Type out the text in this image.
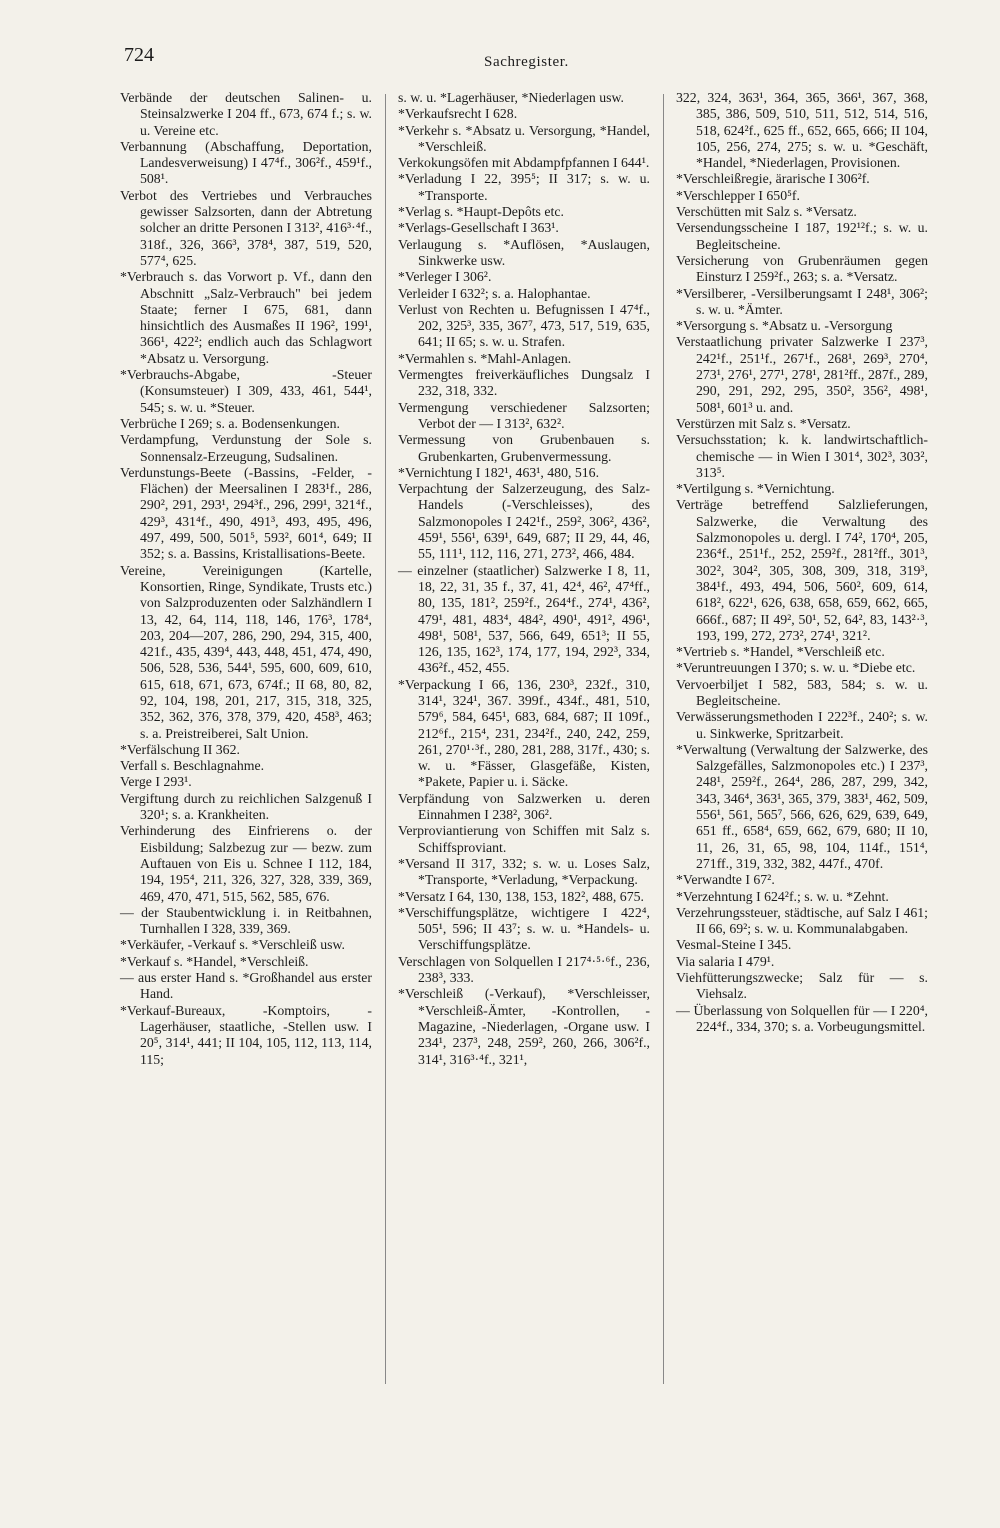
724	Sachregister.

Verbände der deutschen Salinen- u. Steinsalzwerke I 204 ff., 673, 674 f.; s. w. u. Vereine etc.

Verbannung (Abschaffung, Deportation, Landesverweisung) I 47⁴f., 306²f., 459¹f., 508¹.

Verbot des Vertriebes und Verbrauches gewisser Salzsorten, dann der Abtretung solcher an dritte Personen I 313², 416³·⁴f., 318f., 326, 366³, 378⁴, 387, 519, 520, 577⁴, 625.

*Verbrauch s. das Vorwort p. Vf., dann den Abschnitt „Salz-Verbrauch" bei jedem Staate; ferner I 675, 681, dann hinsichtlich des Ausmaßes II 196², 199¹, 366¹, 422²; endlich auch das Schlagwort *Absatz u. Versorgung.

*Verbrauchs-Abgabe, -Steuer (Konsumsteuer) I 309, 433, 461, 544¹, 545; s. w. u. *Steuer.

Verbrüche I 269; s. a. Bodensenkungen.

Verdampfung, Verdunstung der Sole s. Sonnensalz-Erzeugung, Sudsalinen.

Verdunstungs-Beete (-Bassins, -Felder, -Flächen) der Meersalinen I 283¹f., 286, 290², 291, 293¹, 294³f., 296, 299¹, 321⁴f., 429³, 431⁴f., 490, 491³, 493, 495, 496, 497, 499, 500, 501⁵, 593², 601⁴, 649; II 352; s. a. Bassins, Kristallisations-Beete.

Vereine, Vereinigungen (Kartelle, Konsortien, Ringe, Syndikate, Trusts etc.) von Salzproduzenten oder Salzhändlern I 13, 42, 64, 114, 118, 146, 176³, 178⁴, 203, 204—207, 286, 290, 294, 315, 400, 421f., 435, 439⁴, 443, 448, 451, 474, 490, 506, 528, 536, 544¹, 595, 600, 609, 610, 615, 618, 671, 673, 674f.; II 68, 80, 82, 92, 104, 198, 201, 217, 315, 318, 325, 352, 362, 376, 378, 379, 420, 458³, 463; s. a. Preistreiberei, Salt Union.

*Verfälschung II 362.

Verfall s. Beschlagnahme.

Verge I 293¹.

Vergiftung durch zu reichlichen Salzgenuß I 320¹; s. a. Krankheiten.

Verhinderung des Einfrierens o. der Eisbildung; Salzbezug zur — bezw. zum Auftauen von Eis u. Schnee I 112, 184, 194, 195⁴, 211, 326, 327, 328, 339, 369, 469, 470, 471, 515, 562, 585, 676.

— der Staubentwicklung i. in Reitbahnen, Turnhallen I 328, 339, 369.

*Verkäufer, -Verkauf s. *Verschleiß usw.

*Verkauf s. *Handel, *Verschleiß.

— aus erster Hand s. *Großhandel aus erster Hand.

*Verkauf-Bureaux, -Komptoirs, -Lagerhäuser, staatliche, -Stellen usw. I 20⁵, 314¹, 441; II 104, 105, 112, 113, 114, 115;

s. w. u. *Lagerhäuser, *Niederlagen usw.

*Verkaufsrecht I 628.

*Verkehr s. *Absatz u. Versorgung, *Handel, *Verschleiß.

Verkokungsöfen mit Abdampfpfannen I 644¹.

*Verladung I 22, 395⁵; II 317; s. w. u. *Transporte.

*Verlag s. *Haupt-Depôts etc.

*Verlags-Gesellschaft I 363¹.

Verlaugung s. *Auflösen, *Auslaugen, Sinkwerke usw.

*Verleger I 306².

Verleider I 632²; s. a. Halophantae.

Verlust von Rechten u. Befugnissen I 47⁴f., 202, 325³, 335, 367⁷, 473, 517, 519, 635, 641; II 65; s. w. u. Strafen.

*Vermahlen s. *Mahl-Anlagen.

Vermengtes freiverkäufliches Dungsalz I 232, 318, 332.

Vermengung verschiedener Salzsorten; Verbot der — I 313², 632².

Vermessung von Grubenbauen s. Grubenkarten, Grubenvermessung.

*Vernichtung I 182¹, 463¹, 480, 516.

Verpachtung der Salzerzeugung, des Salz-Handels (-Verschleisses), des Salzmonopoles I 242¹f., 259², 306², 436², 459¹, 556¹, 639¹, 649, 687; II 29, 44, 46, 55, 111¹, 112, 116, 271, 273², 466, 484.

— einzelner (staatlicher) Salzwerke I 8, 11, 18, 22, 31, 35 f., 37, 41, 42⁴, 46², 47⁴ff., 80, 135, 181², 259²f., 264⁴f., 274¹, 436², 479¹, 481, 483⁴, 484², 490¹, 491², 496¹, 498¹, 508¹, 537, 566, 649, 651³; II 55, 126, 135, 162³, 174, 177, 194, 292³, 334, 436²f., 452, 455.

*Verpackung I 66, 136, 230³, 232f., 310, 314¹, 324¹, 367. 399f., 434f., 481, 510, 579⁶, 584, 645¹, 683, 684, 687; II 109f., 212⁶f., 215⁴, 231, 234²f., 240, 242, 259, 261, 270¹·³f., 280, 281, 288, 317f., 430; s. w. u. *Fässer, Glasgefäße, Kisten, *Pakete, Papier u. i. Säcke.

Verpfändung von Salzwerken u. deren Einnahmen I 238², 306².

Verproviantierung von Schiffen mit Salz s. Schiffsproviant.

*Versand II 317, 332; s. w. u. Loses Salz, *Transporte, *Verladung, *Verpackung.

*Versatz I 64, 130, 138, 153, 182², 488, 675.

*Verschiffungsplätze, wichtigere I 422⁴, 505¹, 596; II 43⁷; s. w. u. *Handels- u. Verschiffungsplätze.

Verschlagen von Solquellen I 217⁴·⁵·⁶f., 236, 238³, 333.

*Verschleiß (-Verkauf), *Verschleisser, *Verschleiß-Ämter, -Kontrollen, -Magazine, -Niederlagen, -Organe usw. I 234¹, 237³, 248, 259², 260, 266, 306²f., 314¹, 316³·⁴f., 321¹,

322, 324, 363¹, 364, 365, 366¹, 367, 368, 385, 386, 509, 510, 511, 512, 514, 516, 518, 624²f., 625 ff., 652, 665, 666; II 104, 105, 256, 274, 275; s. w. u. *Geschäft, *Handel, *Niederlagen, Provisionen.

*Verschleißregie, ärarische I 306²f.

*Verschlepper I 650⁵f.

Verschütten mit Salz s. *Versatz.

Versendungsscheine I 187, 192¹²f.; s. w. u. Begleitscheine.

Versicherung von Grubenräumen gegen Einsturz I 259²f., 263; s. a. *Versatz.

*Versilberer, -Versilberungsamt I 248¹, 306²; s. w. u. *Ämter.

*Versorgung s. *Absatz u. -Versorgung

Verstaatlichung privater Salzwerke I 237³, 242¹f., 251¹f., 267¹f., 268¹, 269³, 270⁴, 273¹, 276¹, 277¹, 278¹, 281²ff., 287f., 289, 290, 291, 292, 295, 350², 356², 498¹, 508¹, 601³ u. and.

Verstürzen mit Salz s. *Versatz.

Versuchsstation; k. k. landwirtschaftlich-chemische — in Wien I 301⁴, 302³, 303², 313⁵.

*Vertilgung s. *Vernichtung.

Verträge betreffend Salzlieferungen, Salzwerke, die Verwaltung des Salzmonopoles u. dergl. I 74², 170⁴, 205, 236⁴f., 251¹f., 252, 259²f., 281²ff., 301³, 302², 304², 305, 308, 309, 318, 319³, 384¹f., 493, 494, 506, 560², 609, 614, 618², 622¹, 626, 638, 658, 659, 662, 665, 666f., 687; II 49², 50¹, 52, 64², 83, 143²·³, 193, 199, 272, 273², 274¹, 321².

*Vertrieb s. *Handel, *Verschleiß etc.

*Veruntreuungen I 370; s. w. u. *Diebe etc.

Vervoerbiljet I 582, 583, 584; s. w. u. Begleitscheine.

Verwässerungsmethoden I 222³f., 240²; s. w. u. Sinkwerke, Spritzarbeit.

*Verwaltung (Verwaltung der Salzwerke, des Salzgefälles, Salzmonopoles etc.) I 237³, 248¹, 259²f., 264⁴, 286, 287, 299, 342, 343, 346⁴, 363¹, 365, 379, 383¹, 462, 509, 556¹, 561, 565⁷, 566, 626, 629, 639, 649, 651 ff., 658⁴, 659, 662, 679, 680; II 10, 11, 26, 31, 65, 98, 104, 114f., 151⁴, 271ff., 319, 332, 382, 447f., 470f.

*Verwandte I 67².

*Verzehntung I 624²f.; s. w. u. *Zehnt.

Verzehrungssteuer, städtische, auf Salz I 461; II 66, 69²; s. w. u. Kommunalabgaben.

Vesmal-Steine I 345.

Via salaria I 479¹.

Viehfütterungszwecke; Salz für — s. Viehsalz.

— Überlassung von Solquellen für — I 220⁴, 224⁴f., 334, 370; s. a. Vorbeugungsmittel.
